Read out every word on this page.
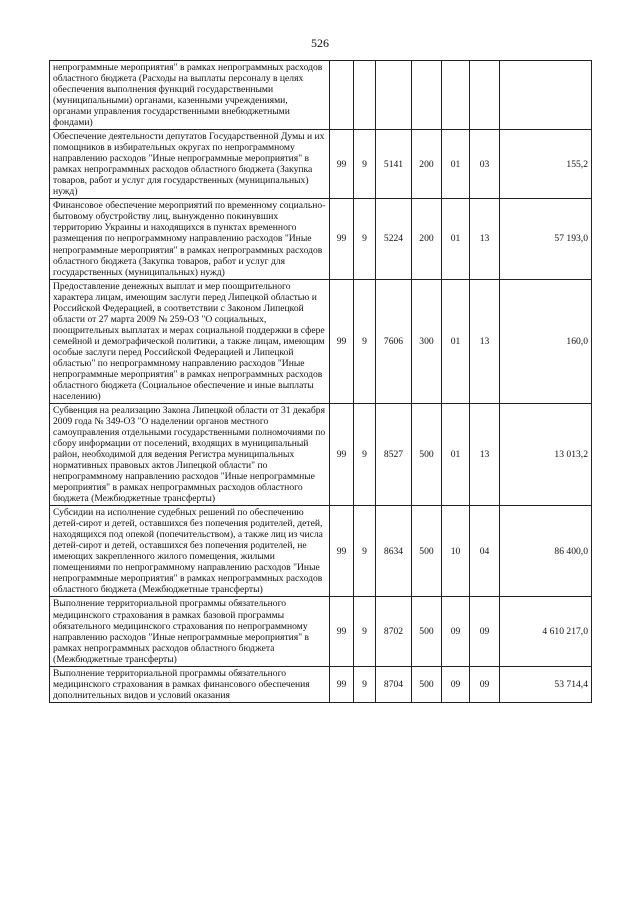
526
непрограммные мероприятия" в рамках непрограммных расходов областного бюджета (Расходы на выплаты персоналу в целях обеспечения выполнения функций государственными (муниципальными) органами, казенными учреждениями, органами управления государственными внебюджетными фондами)							
Обеспечение деятельности депутатов Государственной Думы и их помощников в избирательных округах по непрограммному направлению расходов "Иные непрограммные мероприятия" в рамках непрограммных расходов областного бюджета (Закупка товаров, работ и услуг для государственных (муниципальных) нужд)	99	9	5141	200	01	03	155,2
Финансовое обеспечение мероприятий по временному социально-бытовому обустройству лиц, вынужденно покинувших территорию Украины и находящихся в пунктах временного размещения по непрограммному направлению расходов "Иные непрограммные мероприятия" в рамках непрограммных расходов областного бюджета (Закупка товаров, работ и услуг для государственных (муниципальных) нужд)	99	9	5224	200	01	13	57 193,0
Предоставление денежных выплат и мер поощрительного характера лицам, имеющим заслуги перед Липецкой областью и Российской Федерацией, в соответствии с Законом Липецкой области от 27 марта 2009 № 259-ОЗ "О социальных, поощрительных выплатах и мерах социальной поддержки в сфере семейной и демографической политики, а также лицам, имеющим особые заслуги перед Российской Федерацией и Липецкой областью" по непрограммному направлению расходов "Иные непрограммные мероприятия" в рамках непрограммных расходов областного бюджета (Социальное обеспечение и иные выплаты населению)	99	9	7606	300	01	13	160,0
Субвенция на реализацию Закона Липецкой области от 31 декабря 2009 года № 349-ОЗ "О наделении органов местного самоуправления отдельными государственными полномочиями по сбору информации от поселений, входящих в муниципальный район, необходимой для ведения Регистра муниципальных нормативных правовых актов Липецкой области" по непрограммному направлению расходов "Иные непрограммные мероприятия" в рамках непрограммных расходов областного бюджета (Межбюджетные трансферты)	99	9	8527	500	01	13	13 013,2
Субсидии на исполнение судебных решений по обеспечению детей-сирот и детей, оставшихся без попечения родителей, детей, находящихся под опекой (попечительством), а также лиц из числа детей-сирот и детей, оставшихся без попечения родителей, не имеющих закрепленного жилого помещения, жилыми помещениями по непрограммному направлению расходов "Иные непрограммные мероприятия" в рамках непрограммных расходов областного бюджета (Межбюджетные трансферты)	99	9	8634	500	10	04	86 400,0
Выполнение территориальной программы обязательного медицинского страхования в рамках базовой программы обязательного медицинского страхования по непрограммному направлению расходов "Иные непрограммные мероприятия" в рамках непрограммных расходов областного бюджета (Межбюджетные трансферты)	99	9	8702	500	09	09	4 610 217,0
Выполнение территориальной программы обязательного медицинского страхования в рамках финансового обеспечения дополнительных видов и условий оказания	99	9	8704	500	09	09	53 714,4
